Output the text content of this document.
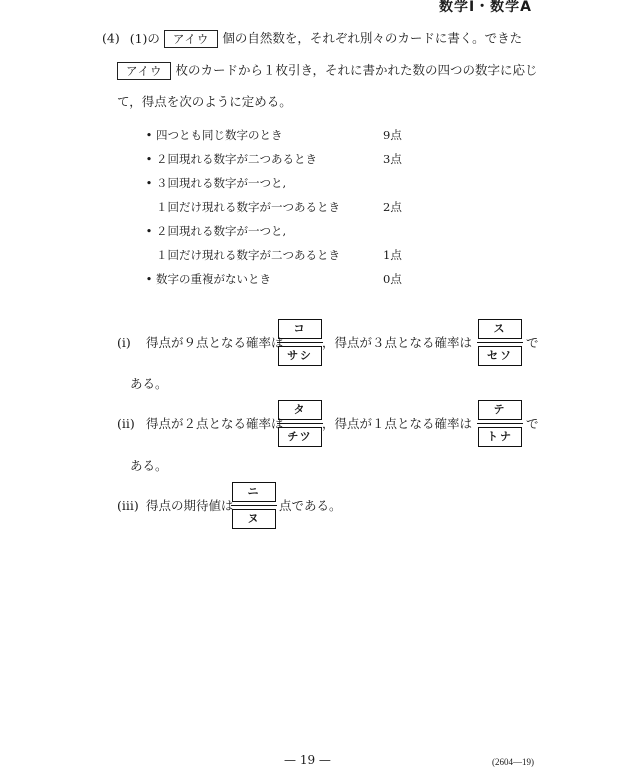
数学Ⅰ・数学A
(4) (1)の アイウ 個の自然数を，それぞれ別々のカードに書く。できた
アイウ 枚のカードから１枚引き，それに書かれた数の四つの数字に応じ
て，得点を次のように定める。
• 四つとも同じ数字のとき	9点
• ２回現れる数字が二つあるとき	3点
• ３回現れる数字が一つと,
１回だけ現れる数字が一つあるとき	2点
• ２回現れる数字が一つと,
１回だけ現れる数字が二つあるとき	1点
• 数字の重複がないとき	0点
(i) 得点が９点となる確率は
コ
サシ
，得点が３点となる確率は
ス
セソ
で
ある。
(ii) 得点が２点となる確率は
タ
チツ
，得点が１点となる確率は
テ
トナ
で
ある。
(iii) 得点の期待値は
ニ
ヌ
点である。
— 19 —	(2604—19)
